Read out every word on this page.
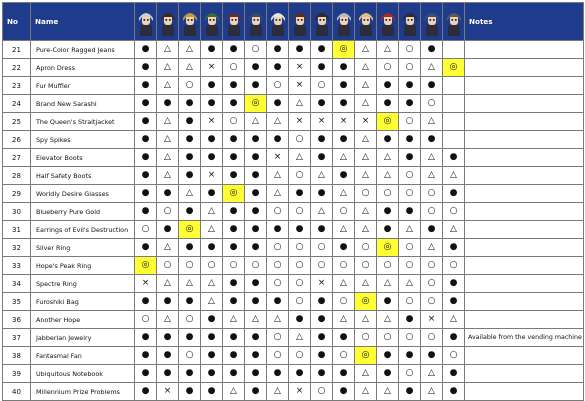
No	Name																Notes
21	Pure-Color Ragged Jeans	●	△	△	●	●	○	●	●	●	◎	△	△	○	●		
22	Apron Dress	●	△	△	×	○	●	●	×	●	●	△	○	○	△	◎	
23	Fur Muffler	●	△	○	●	●	●	○	×	○	●	△	●	●	●		
24	Brand New Sarashi	●	●	●	●	●	◎	●	△	●	●	△	●	●	○		
25	The Queen's Straitjacket	●	△	●	×	○	△	△	×	×	×	×	◎	○	△		
26	Spy Spikes	●	△	●	●	●	●	●	○	●	●	△	●	●	●		
27	Elevator Boots	●	△	●	●	●	●	×	△	●	△	△	△	●	△	●	
28	Half Safety Boots	●	△	●	×	●	●	△	○	△	●	△	△	○	△	△	
29	Worldly Desire Glasses	●	●	△	●	◎	●	△	●	●	△	○	○	○	○	●	
30	Blueberry Pure Gold	●	○	●	△	●	●	○	○	△	○	△	●	●	○	○	
31	Earrings of Evil's Destruction	○	●	◎	△	●	●	●	●	●	△	△	●	△	●	△	
32	Silver Ring	●	△	●	●	●	●	○	○	○	●	○	◎	○	△	●	
33	Hope's Peak Ring	◎	○	○	○	○	○	○	○	○	○	○	○	○	○	○	
34	Spectre Ring	×	△	△	△	●	●	○	○	×	△	△	△	△	○	●	
35	Furoshiki Bag	●	●	●	△	●	●	●	○	●	○	◎	●	○	○	●	
36	Another Hope	○	△	○	●	△	△	△	●	●	△	△	△	●	×	△	
37	Jabberlan Jewelry	●	●	●	●	●	●	○	△	●	●	○	○	○	○	●	Available from the vending machine
38	Fantasmal Fan	●	●	○	●	●	●	○	○	●	○	◎	●	●	●	○	
39	Ubiquitous Notebook	●	●	●	●	●	●	●	●	●	●	△	●	○	△	●	
40	Millennium Prize Problems	●	×	●	●	△	●	△	×	○	●	△	△	●	△	●	
